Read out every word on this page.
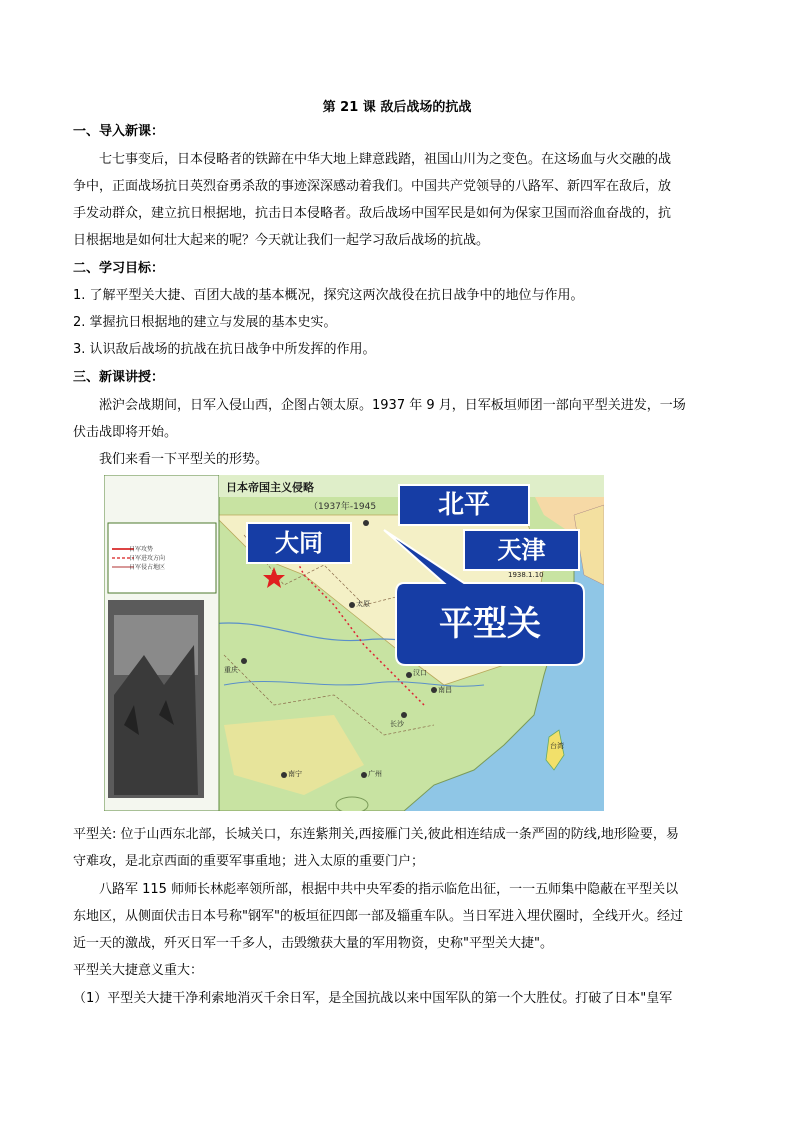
第 21 课 敌后战场的抗战
一、导入新课：
七七事变后，日本侵略者的铁蹄在中华大地上肆意践踏，祖国山川为之变色。在这场血与火交融的战
争中，正面战场抗日英烈奋勇杀敌的事迹深深感动着我们。中国共产党领导的八路军、新四军在敌后，放
手发动群众，建立抗日根据地，抗击日本侵略者。敌后战场中国军民是如何为保家卫国而浴血奋战的，抗
日根据地是如何壮大起来的呢？今天就让我们一起学习敌后战场的抗战。
二、学习目标：
1. 了解平型关大捷、百团大战的基本概况，探究这两次战役在抗日战争中的地位与作用。
2. 掌握抗日根据地的建立与发展的基本史实。
3. 认识敌后战场的抗战在抗日战争中所发挥的作用。
三、新课讲授：
淞沪会战期间，日军入侵山西，企图占领太原。1937 年 9 月，日军板垣师团一部向平型关进发，一场
伏击战即将开始。
我们来看一下平型关的形势。
日本帝国主义侵略
（1937年-1945
日军攻势
日军进攻方向
日军侵占地区
北平
大同	天津
平型关
1938.1.10
太原
汉口
南昌
长沙
重庆
广州
南宁
台湾
平型关: 位于山西东北部，长城关口，东连紫荆关,西接雁门关,彼此相连结成一条严固的防线,地形险要，易
守难攻，是北京西面的重要军事重地；进入太原的重要门户；
八路军 115 师师长林彪率领所部，根据中共中央军委的指示临危出征，一一五师集中隐蔽在平型关以
东地区，从侧面伏击日本号称"钢军"的板垣征四郎一部及辎重车队。当日军进入埋伏圈时，全线开火。经过
近一天的激战，歼灭日军一千多人，击毁缴获大量的军用物资，史称"平型关大捷"。
平型关大捷意义重大：
（1）平型关大捷干净利索地消灭千余日军，是全国抗战以来中国军队的第一个大胜仗。打破了日本"皇军
